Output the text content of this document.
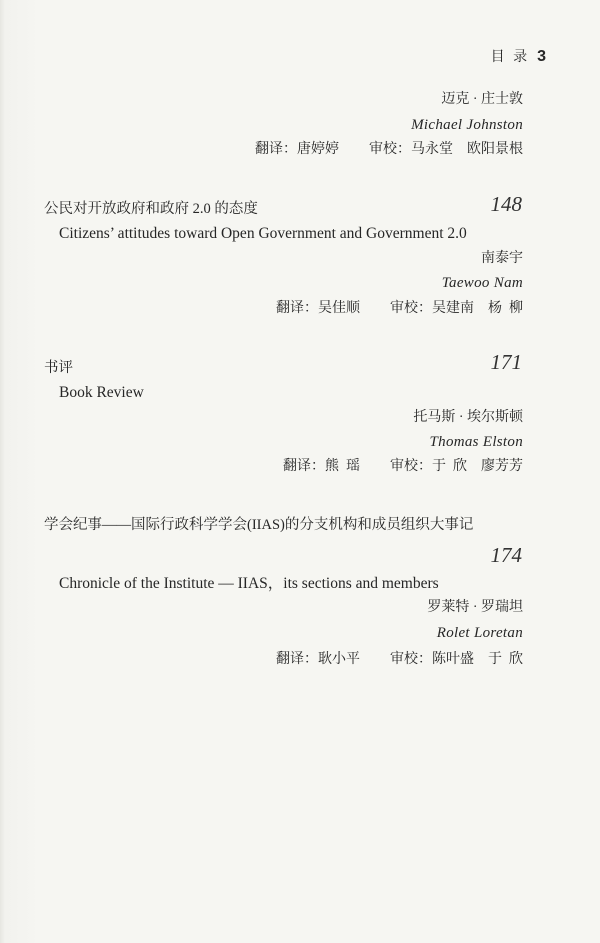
目 录 3
迈克 · 庄士敦
Michael Johnston
翻译：唐婷婷 审校：马永堂 欧阳景根
公民对开放政府和政府 2.0 的态度	148
Citizens’ attitudes toward Open Government and Government 2.0
南泰宇
Taewoo Nam
翻译：吴佳顺 审校：吴建南 杨  柳
书评	171
Book Review
托马斯 · 埃尔斯顿
Thomas Elston
翻译：熊  瑶 审校：于  欣 廖芳芳
学会纪事——国际行政科学学会(IIAS)的分支机构和成员组织大事记
174
Chronicle of the Institute — IIAS，its sections and members
罗莱特 · 罗瑞坦
Rolet Loretan
翻译：耿小平 审校：陈叶盛 于  欣
